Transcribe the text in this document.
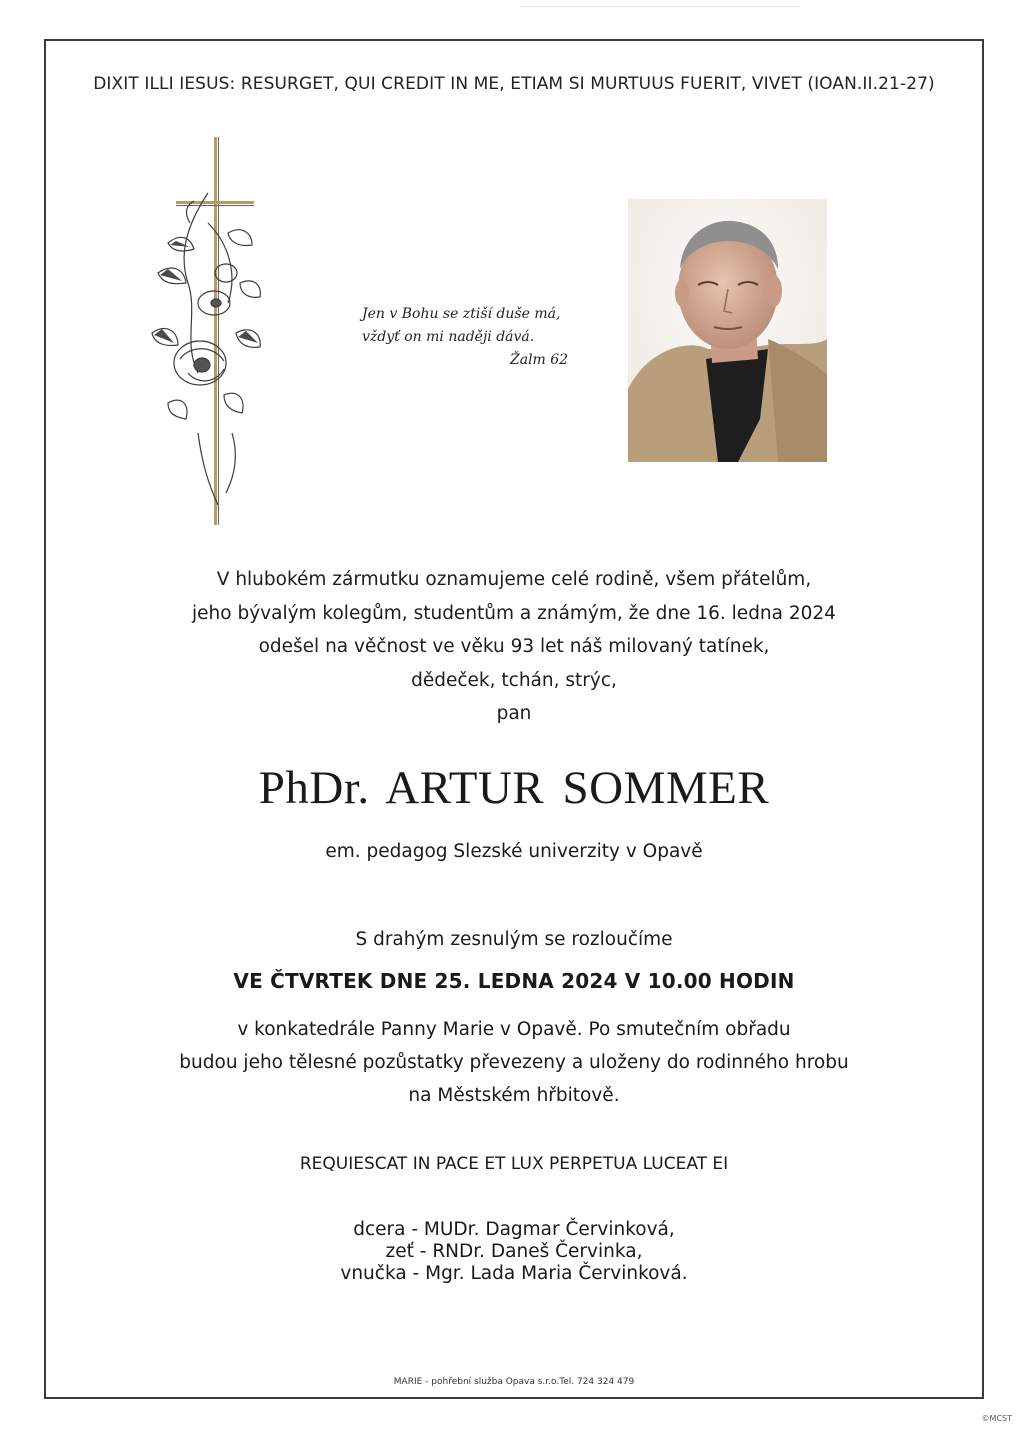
DIXIT ILLI IESUS: RESURGET, QUI CREDIT IN ME, ETIAM SI MURTUUS FUERIT, VIVET (IOAN.II.21-27)
Jen v Bohu se ztiší duše má,
vždyť on mi naději dává.
Žalm 62

V hlubokém zármutku oznamujeme celé rodině, všem přátelům,

jeho bývalým kolegům, studentům a známým, že dne 16. ledna 2024

odešel na věčnost ve věku 93 let náš milovaný tatínek,

dědeček, tchán, strýc,

pan

PhDr. ARTUR SOMMER
em. pedagog Slezské univerzity v Opavě
S drahým zesnulým se rozloučíme
VE ČTVRTEK DNE 25. LEDNA 2024 V 10.00 HODIN

v konkatedrále Panny Marie v Opavě. Po smutečním obřadu

budou jeho tělesné pozůstatky převezeny a uloženy do rodinného hrobu

na Městském hřbitově.

REQUIESCAT IN PACE ET LUX PERPETUA LUCEAT EI

dcera - MUDr. Dagmar Červinková,

zeť - RNDr. Daneš Červinka,

vnučka - Mgr. Lada Maria Červinková.

MARIE - pohřební služba Opava s.r.o.Tel. 724 324 479
©MCST
